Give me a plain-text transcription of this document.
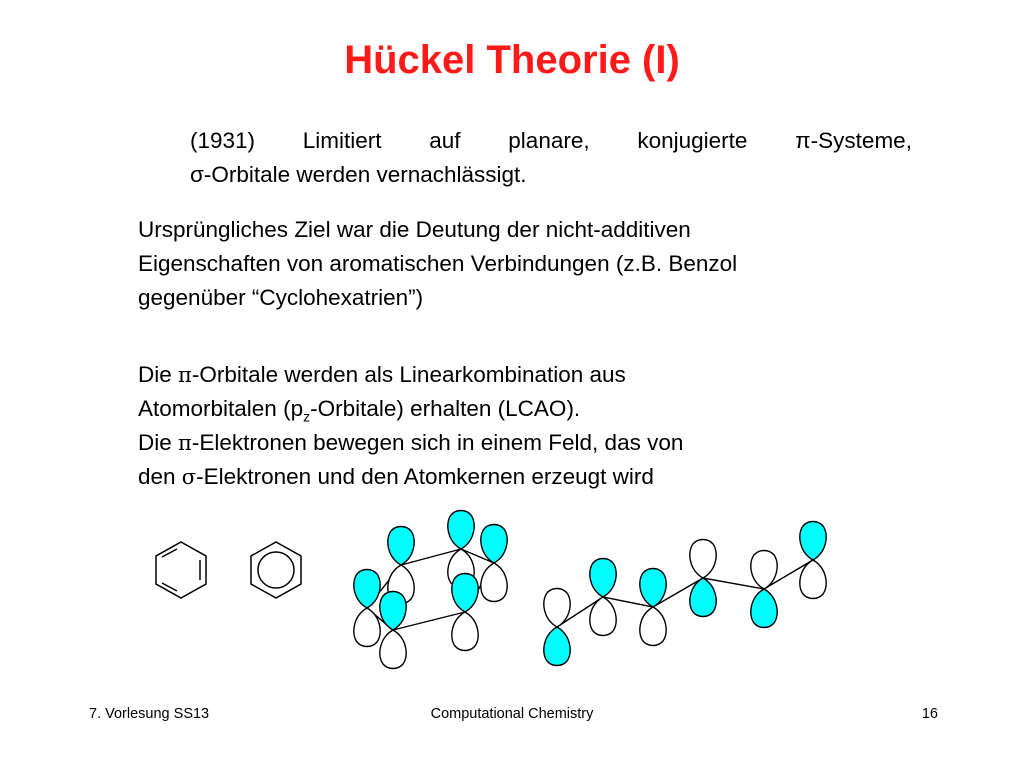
Hückel Theorie (I)
(1931) Limitiert auf planare, konjugierte π-Systeme,
σ-Orbitale werden vernachlässigt.
Ursprüngliches Ziel war die Deutung der nicht-additiven
Eigenschaften von aromatischen Verbindungen (z.B. Benzol
gegenüber “Cyclohexatrien”)
Die π-Orbitale werden als Linearkombination aus
Atomorbitalen $(p_z-Orbitale)$ erhalten (LCAO).
Die π-Elektronen bewegen sich in einem Feld, das von
den σ-Elektronen und den Atomkernen erzeugt wird
7. Vorlesung SS13	Computational Chemistry	16
